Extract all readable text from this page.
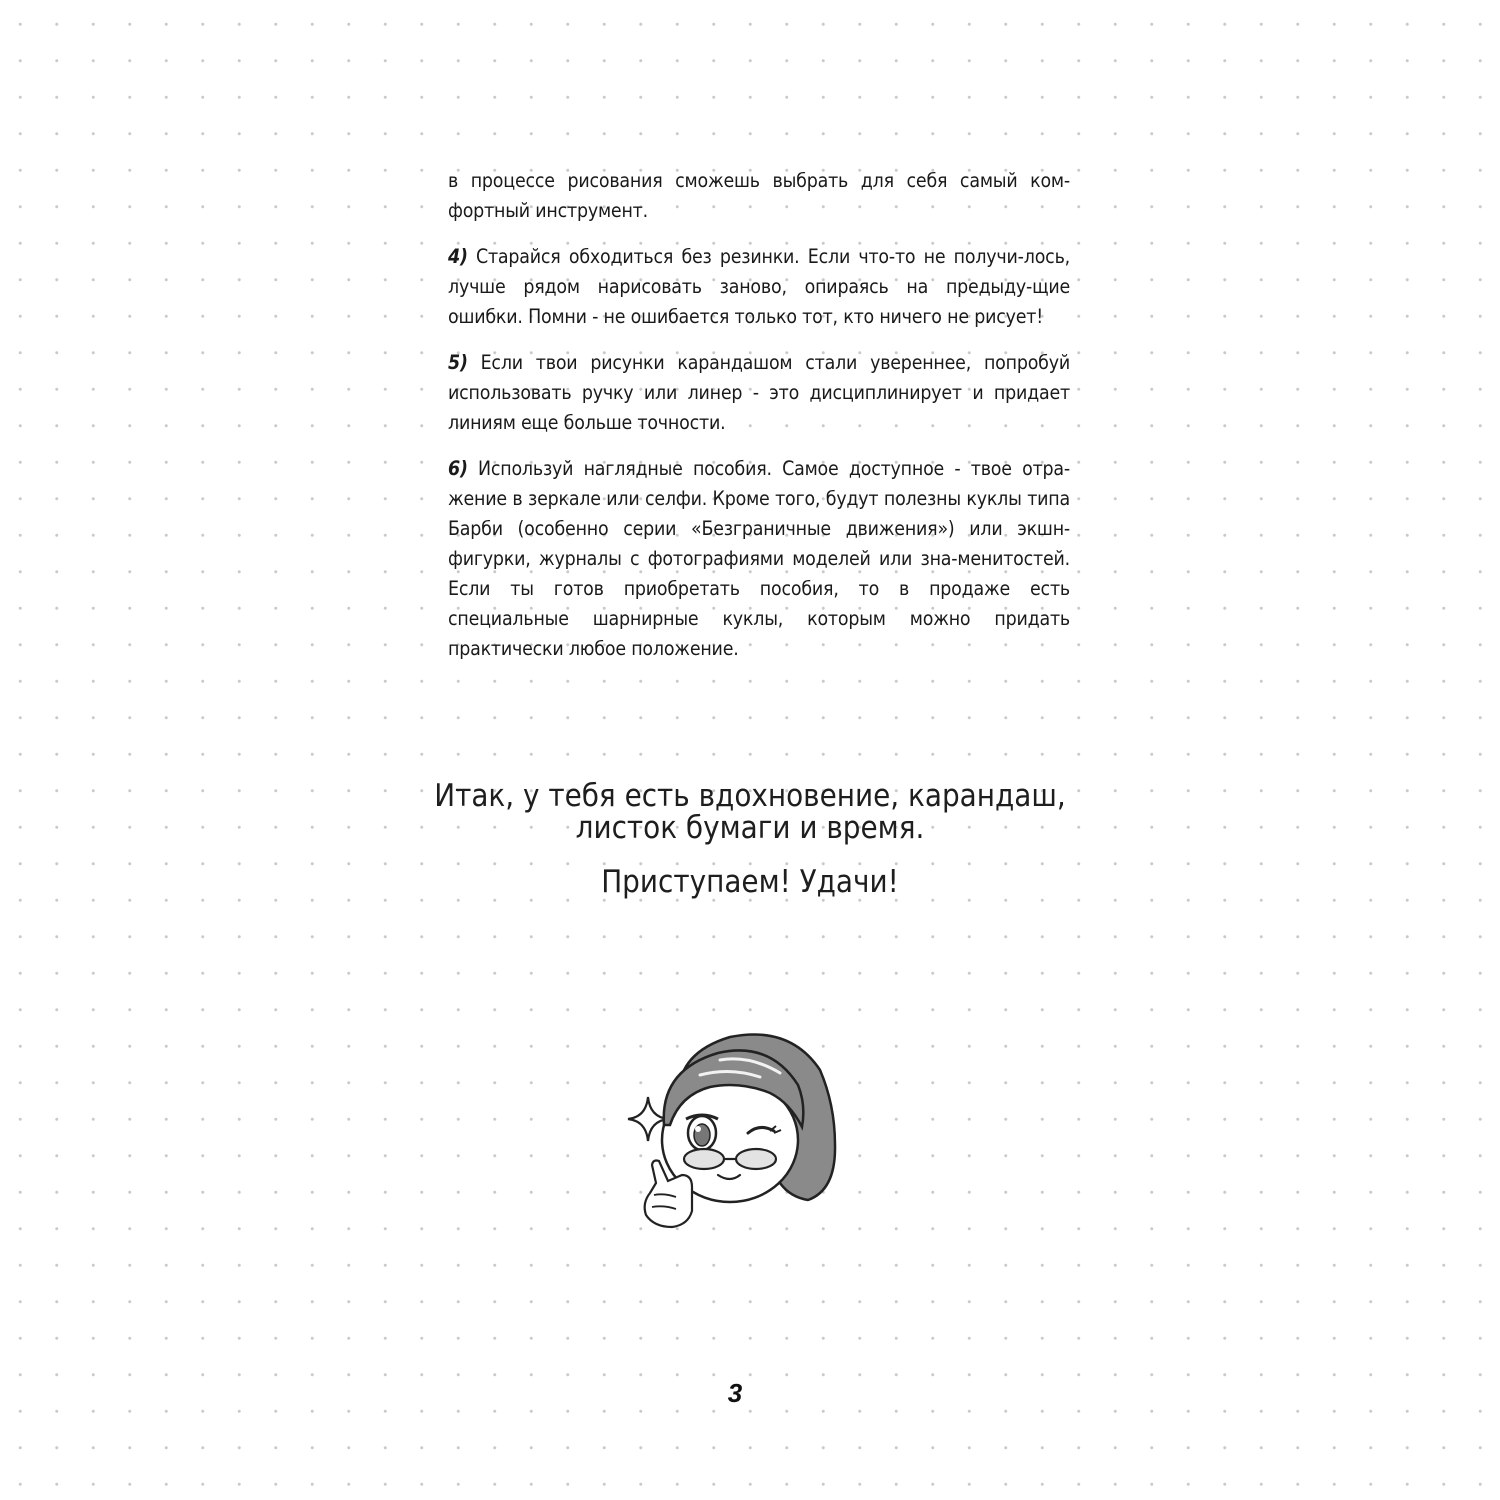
в процессе рисования сможешь выбрать для себя самый ком-фортный инструмент.

4) Старайся обходиться без резинки. Если что-то не получи-лось, лучше рядом нарисовать заново, опираясь на предыду-щие ошибки. Помни - не ошибается только тот, кто ничего не рисует!

5) Если твои рисунки карандашом стали увереннее, попробуй использовать ручку или линер - это дисциплинирует и придает линиям еще больше точности.

6) Используй наглядные пособия. Самое доступное - твое отра-жение в зеркале или селфи. Кроме того, будут полезны куклы типа Барби (особенно серии «Безграничные движения») или экшн-фигурки, журналы с фотографиями моделей или зна-менитостей. Если ты готов приобретать пособия, то в продаже есть специальные шарнирные куклы, которым можно придать практически любое положение.

Итак, у тебя есть вдохновение, карандаш,
листок бумаги и время.
Приступаем! Удачи!
3
